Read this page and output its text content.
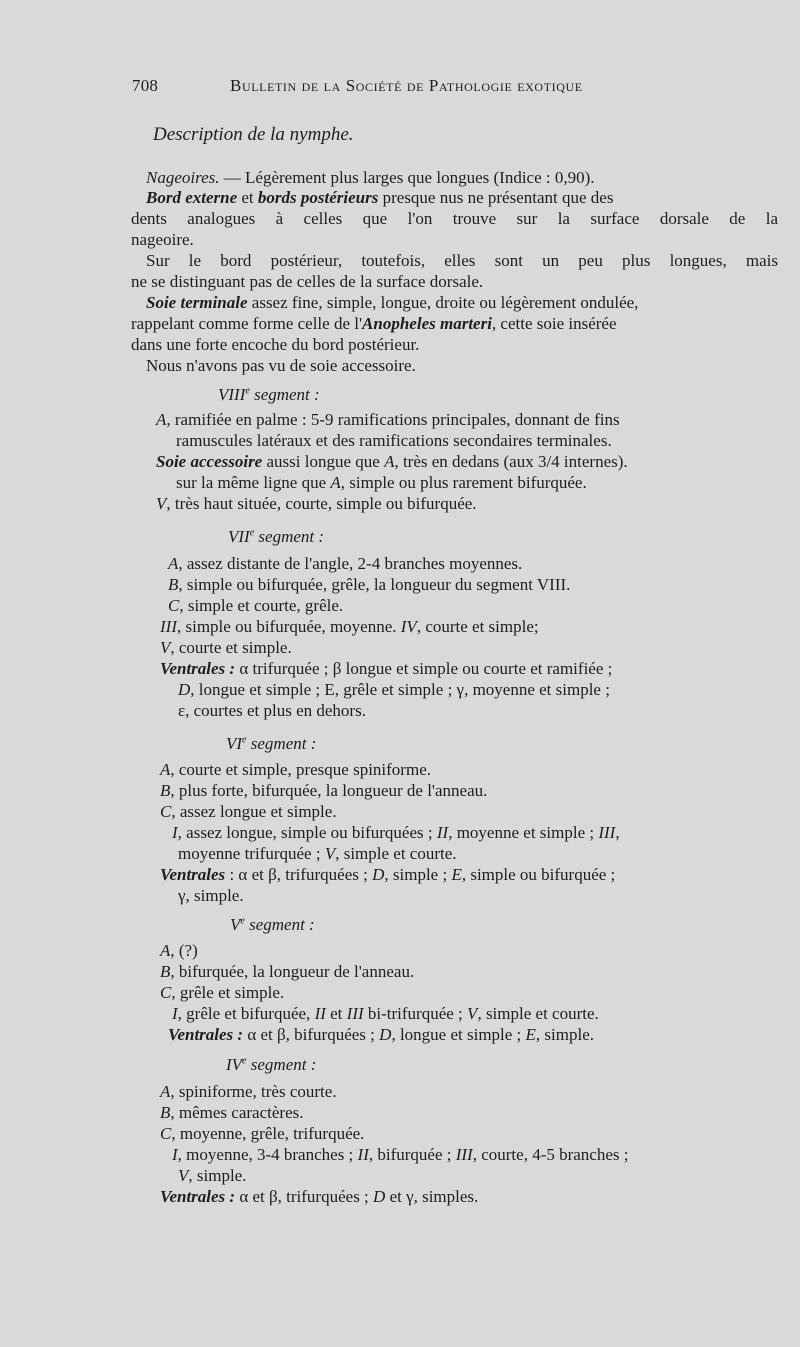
708	Bulletin de la Société de Pathologie exotique
Description de la nymphe.
Nageoires. — Légèrement plus larges que longues (Indice : 0,90).
Bord externe et bords postérieurs presque nus ne présentant que des
dents analogues à celles que l'on trouve sur la surface dorsale de la
nageoire.
Sur le bord postérieur, toutefois, elles sont un peu plus longues, mais
ne se distinguant pas de celles de la surface dorsale.
Soie terminale assez fine, simple, longue, droite ou légèrement ondulée,
rappelant comme forme celle de l'Anopheles marteri, cette soie insérée
dans une forte encoche du bord postérieur.
Nous n'avons pas vu de soie accessoire.
VIIIe segment :
A, ramifiée en palme : 5-9 ramifications principales, donnant de fins
ramuscules latéraux et des ramifications secondaires terminales.
Soie accessoire aussi longue que A, très en dedans (aux 3/4 internes).
sur la même ligne que A, simple ou plus rarement bifurquée.
V, très haut située, courte, simple ou bifurquée.
VIIe segment :
A, assez distante de l'angle, 2-4 branches moyennes.
B, simple ou bifurquée, grêle, la longueur du segment VIII.
C, simple et courte, grêle.
III, simple ou bifurquée, moyenne. IV, courte et simple;
V, courte et simple.
Ventrales : α trifurquée ; β longue et simple ou courte et ramifiée ;
D, longue et simple ; E, grêle et simple ; γ, moyenne et simple ;
ε, courtes et plus en dehors.
VIe segment :
A, courte et simple, presque spiniforme.
B, plus forte, bifurquée, la longueur de l'anneau.
C, assez longue et simple.
I, assez longue, simple ou bifurquées ; II, moyenne et simple ; III,
moyenne trifurquée ; V, simple et courte.
Ventrales : α et β, trifurquées ; D, simple ; E, simple ou bifurquée ;
γ, simple.
Ve segment :
A, (?)
B, bifurquée, la longueur de l'anneau.
C, grêle et simple.
I, grêle et bifurquée, II et III bi-trifurquée ; V, simple et courte.
Ventrales : α et β, bifurquées ; D, longue et simple ; E, simple.
IVe segment :
A, spiniforme, très courte.
B, mêmes caractères.
C, moyenne, grêle, trifurquée.
I, moyenne, 3-4 branches ; II, bifurquée ; III, courte, 4-5 branches ;
V, simple.
Ventrales : α et β, trifurquées ; D et γ, simples.
